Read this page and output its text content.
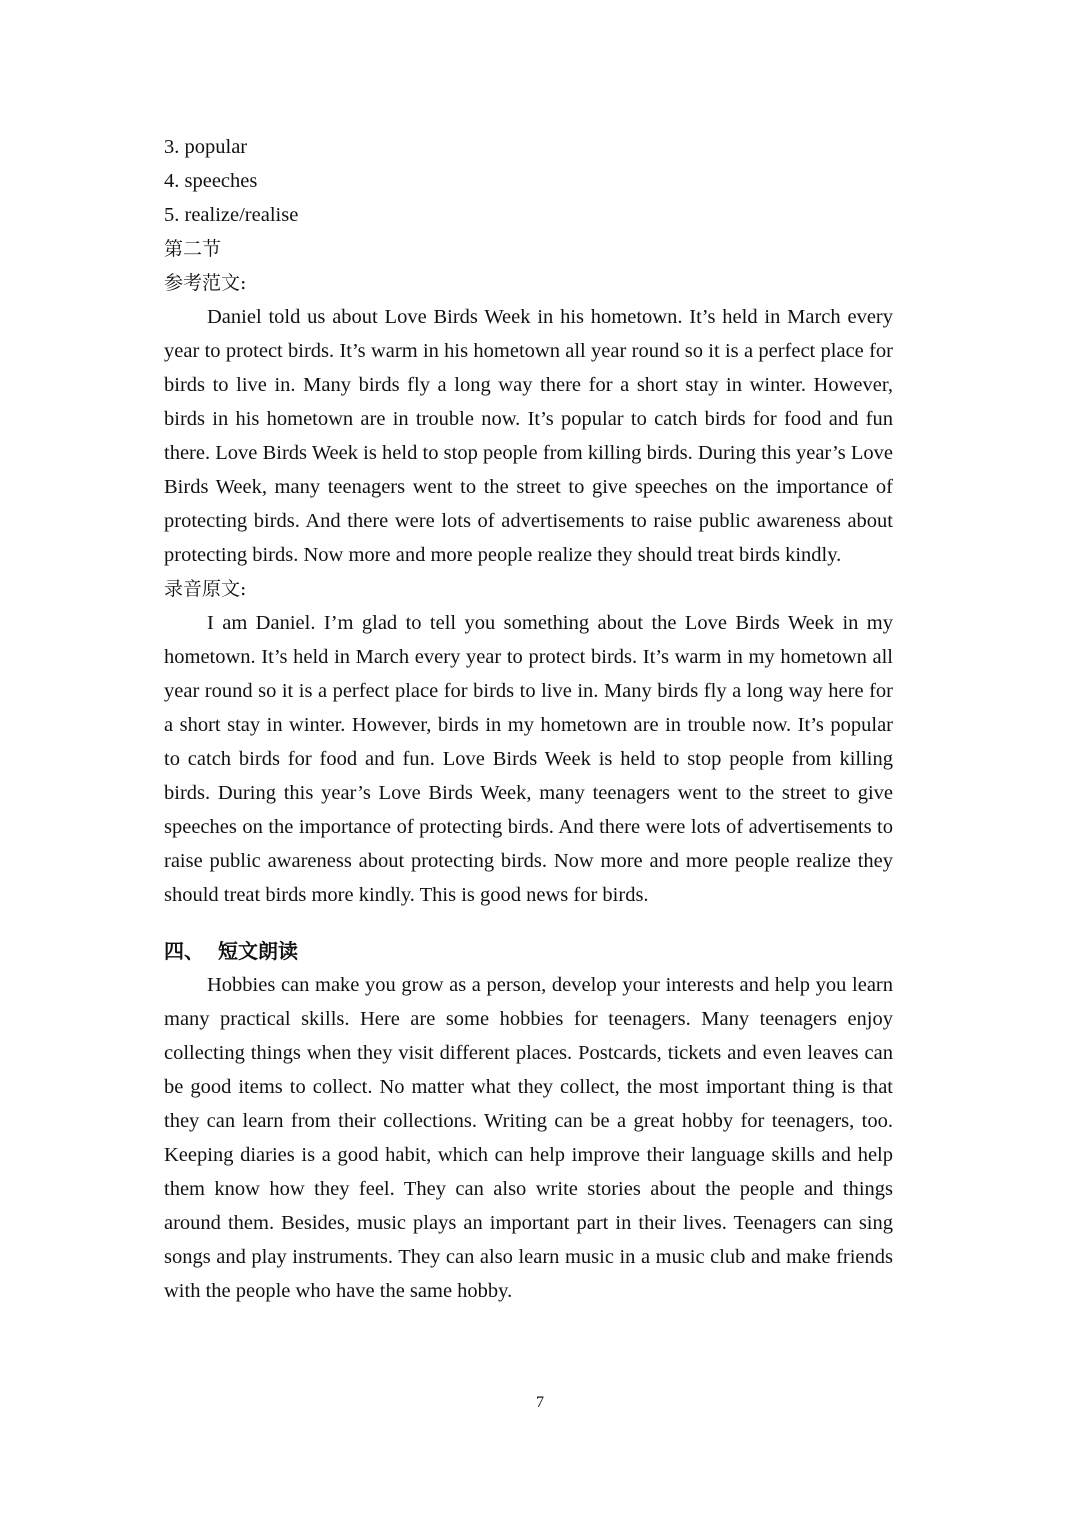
3. popular

4. speeches

5. realize/realise

第二节

参考范文:

Daniel told us about Love Birds Week in his hometown. It’s held in March every year to protect birds. It’s warm in his hometown all year round so it is a perfect place for birds to live in. Many birds fly a long way there for a short stay in winter. However, birds in his hometown are in trouble now. It’s popular to catch birds for food and fun there. Love Birds Week is held to stop people from killing birds. During this year’s Love Birds Week, many teenagers went to the street to give speeches on the importance of protecting birds. And there were lots of advertisements to raise public awareness about protecting birds. Now more and more people realize they should treat birds kindly.

录音原文:

I am Daniel. I’m glad to tell you something about the Love Birds Week in my hometown. It’s held in March every year to protect birds. It’s warm in my hometown all year round so it is a perfect place for birds to live in. Many birds fly a long way here for a short stay in winter. However, birds in my hometown are in trouble now. It’s popular to catch birds for food and fun. Love Birds Week is held to stop people from killing birds. During this year’s Love Birds Week, many teenagers went to the street to give speeches on the importance of protecting birds. And there were lots of advertisements to raise public awareness about protecting birds. Now more and more people realize they should treat birds more kindly. This is good news for birds.

四、 短文朗读

Hobbies can make you grow as a person, develop your interests and help you learn many practical skills. Here are some hobbies for teenagers. Many teenagers enjoy collecting things when they visit different places. Postcards, tickets and even leaves can be good items to collect. No matter what they collect, the most important thing is that they can learn from their collections. Writing can be a great hobby for teenagers, too. Keeping diaries is a good habit, which can help improve their language skills and help them know how they feel. They can also write stories about the people and things around them. Besides, music plays an important part in their lives. Teenagers can sing songs and play instruments. They can also learn music in a music club and make friends with the people who have the same hobby.

7
